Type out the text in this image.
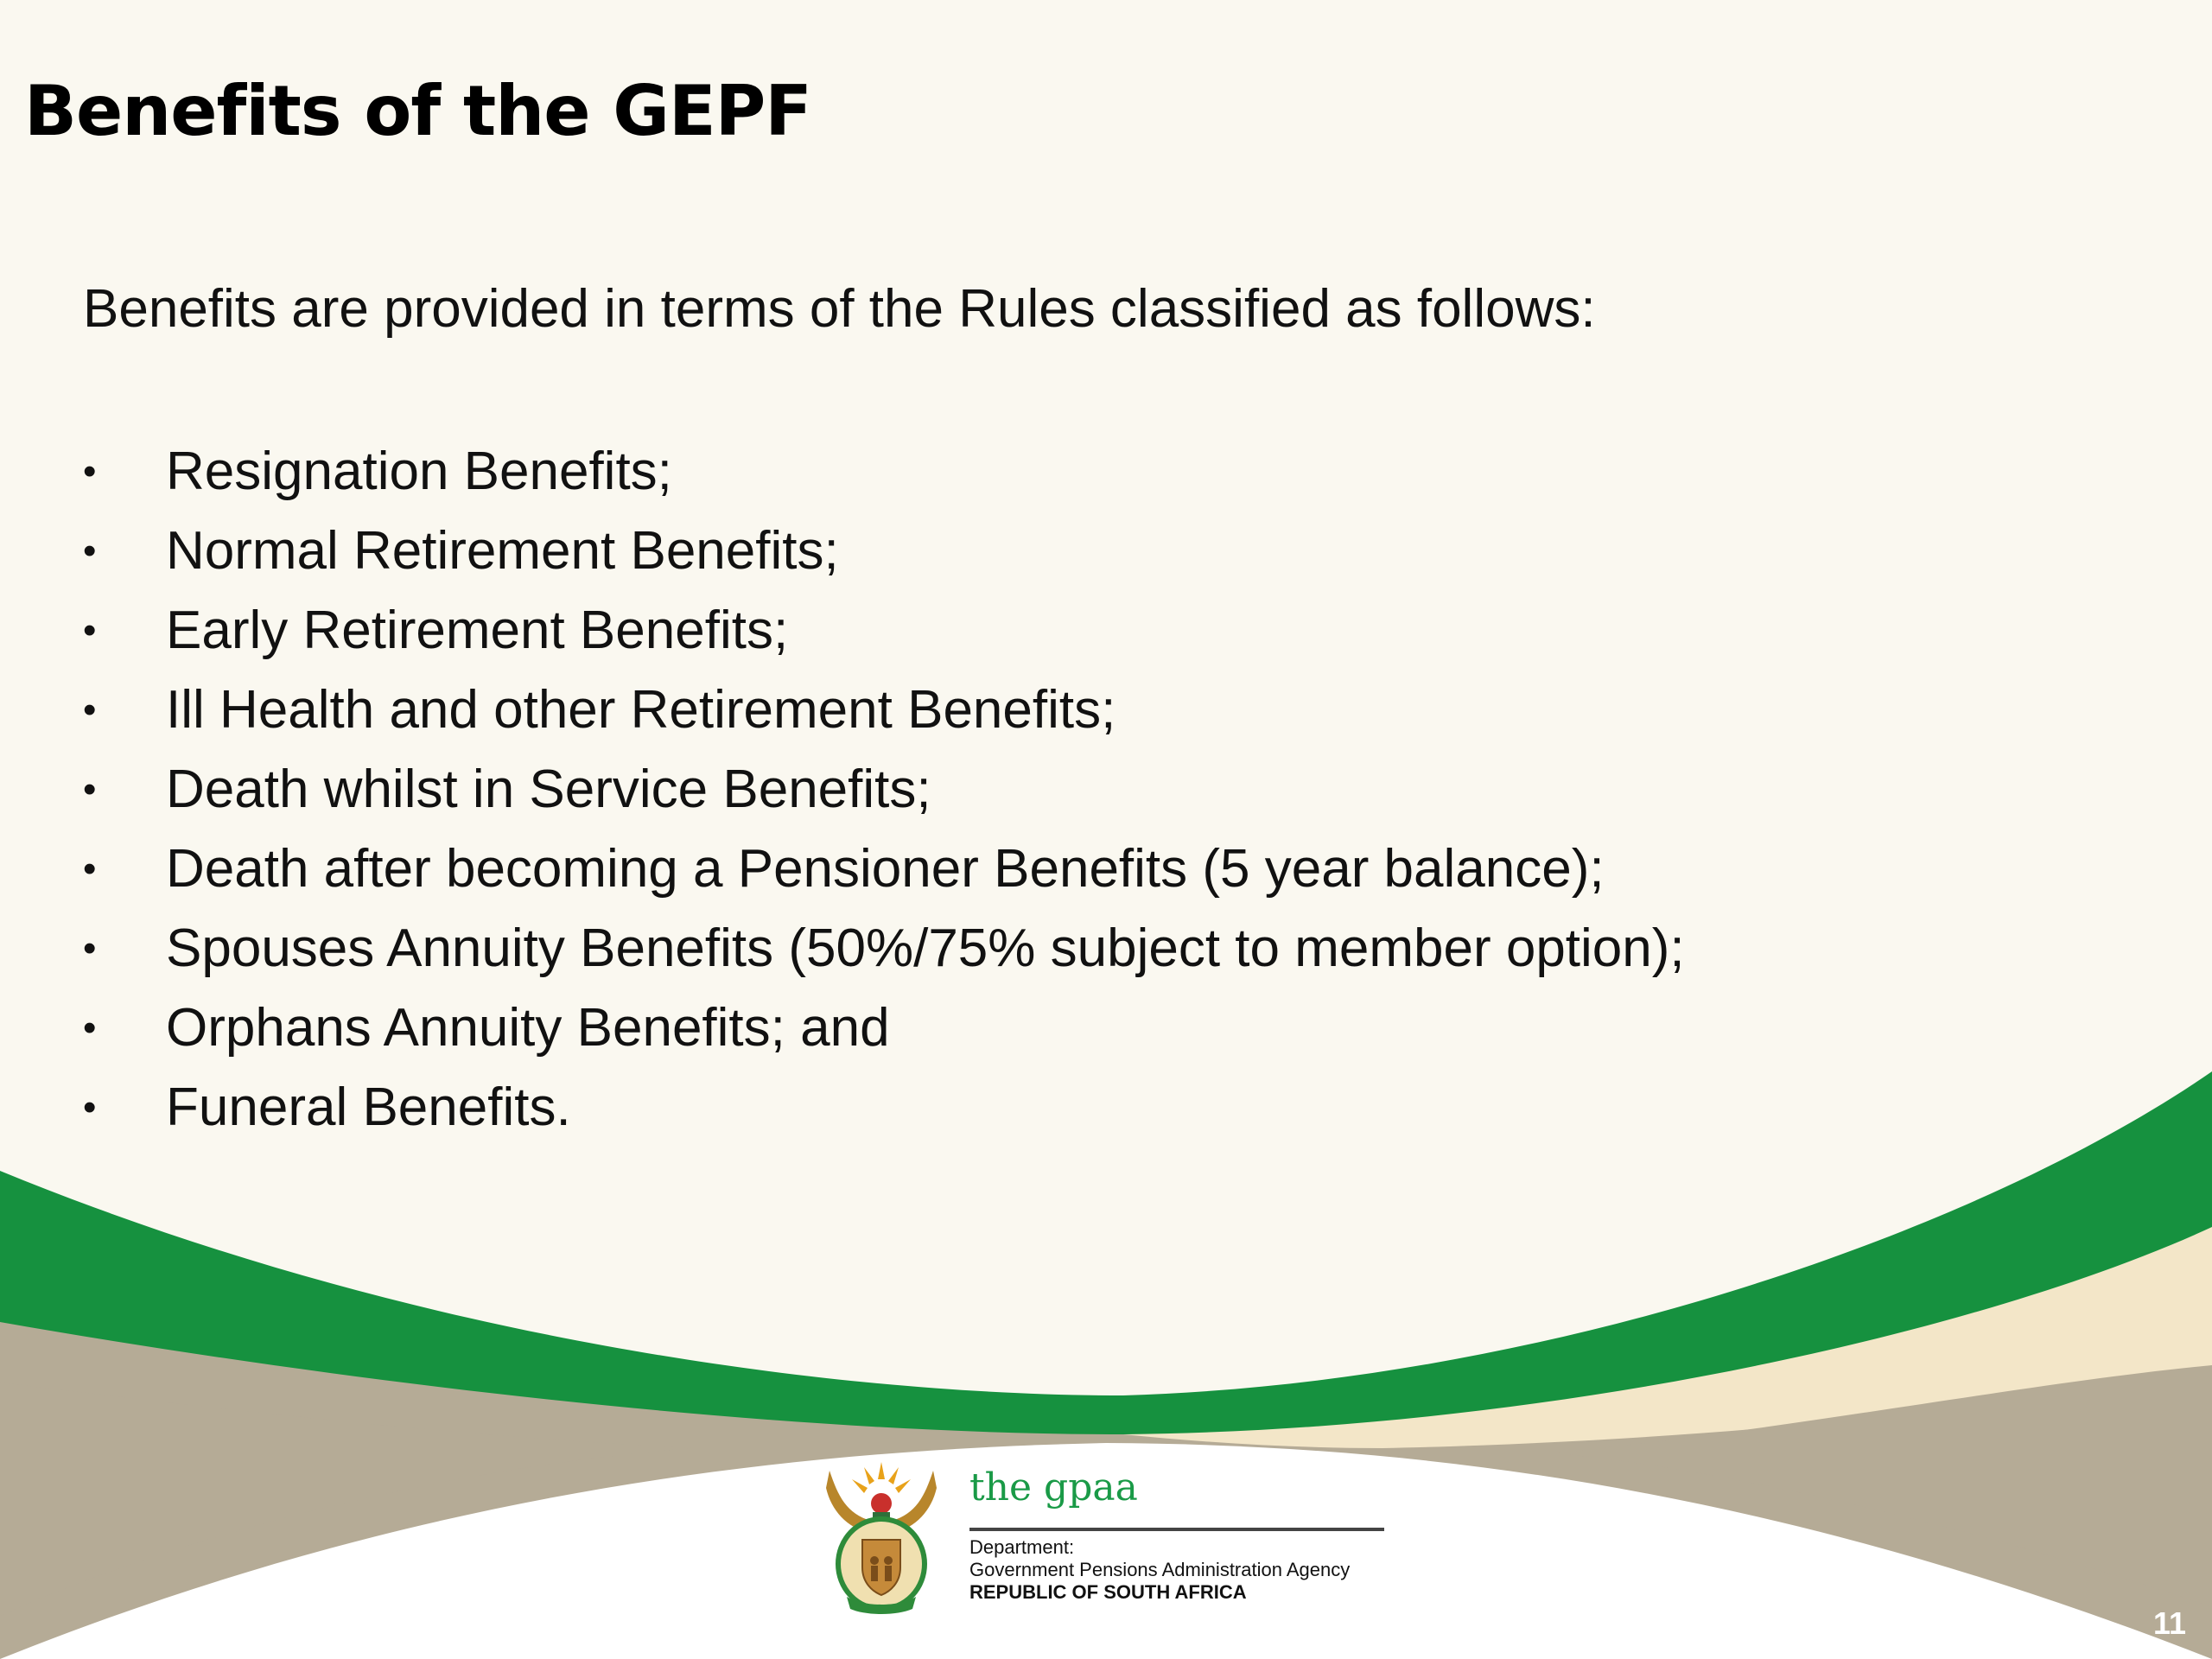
Benefits of the GEPF

Benefits are provided in terms of the Rules classified as follows:

• Resignation Benefits;
• Normal Retirement Benefits;
• Early Retirement Benefits;
• Ill Health and other Retirement Benefits;
• Death whilst in Service Benefits;
• Death after becoming a Pensioner Benefits (5 year balance);
• Spouses Annuity Benefits (50%/75% subject to member option);
• Orphans Annuity Benefits; and
• Funeral Benefits.
the gpaa
Department:
Government Pensions Administration Agency
REPUBLIC OF SOUTH AFRICA
11
